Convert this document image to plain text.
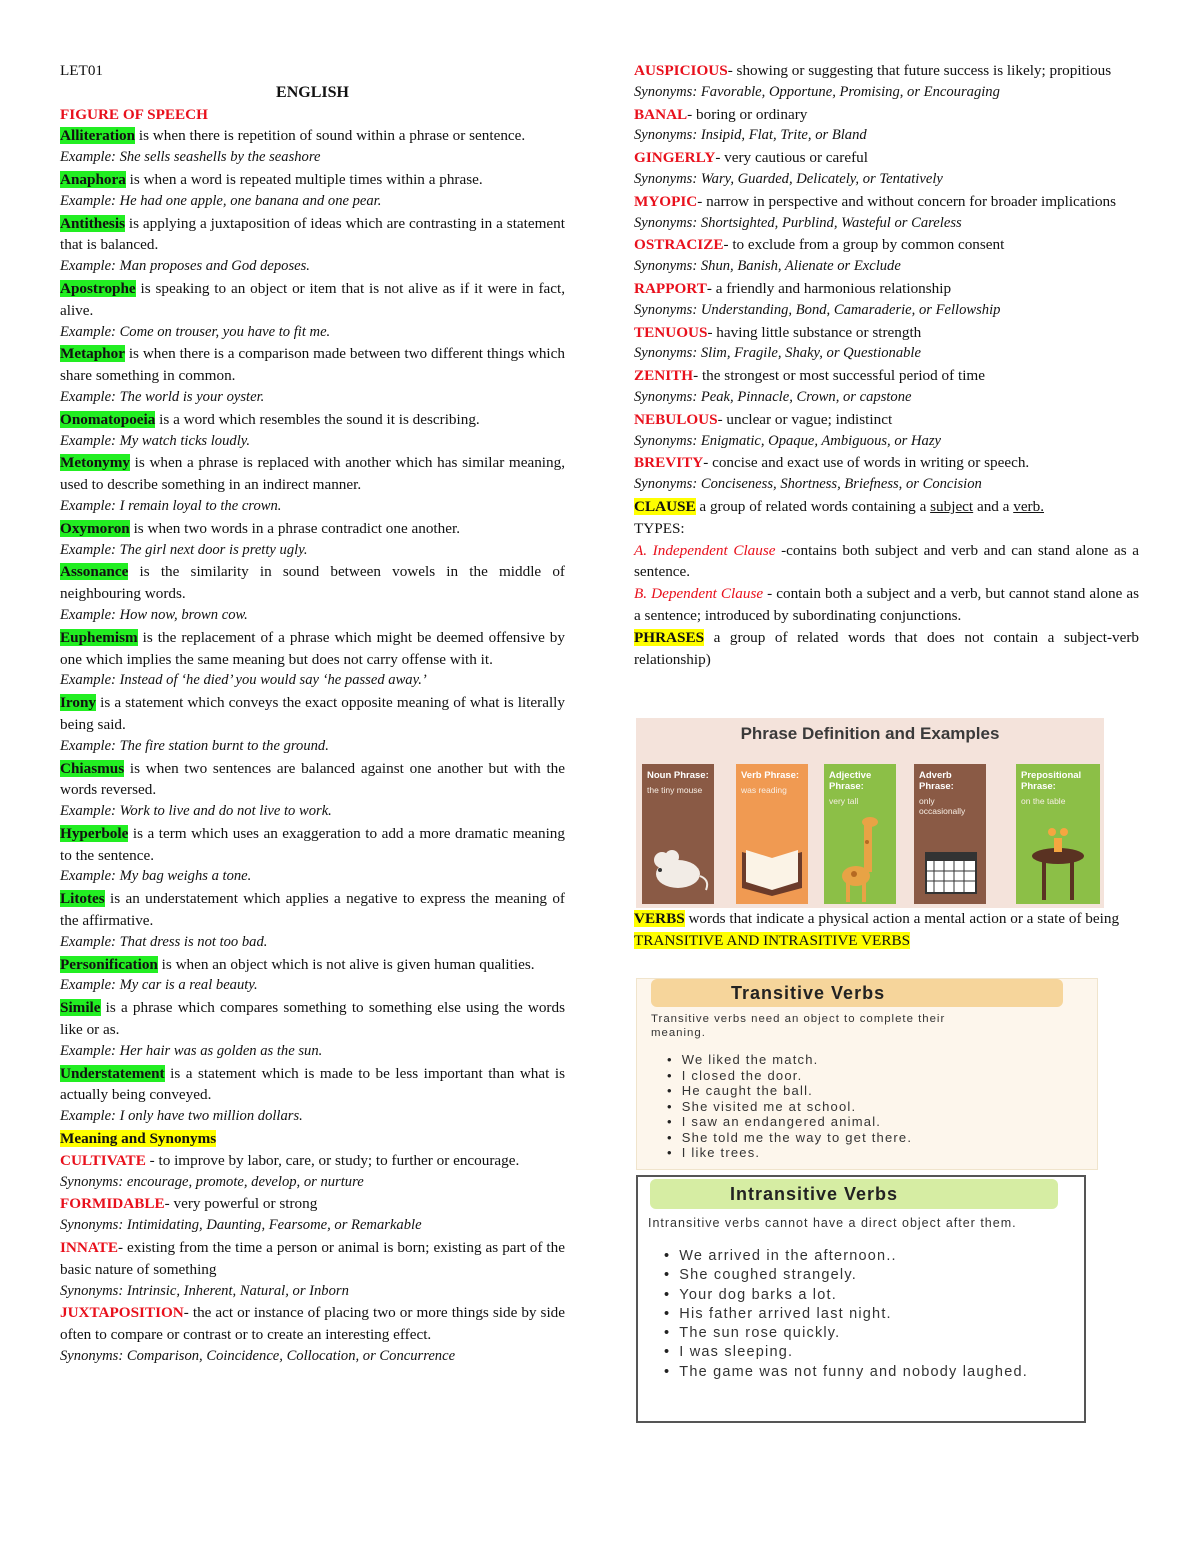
LET01
ENGLISH
FIGURE OF SPEECH
Alliteration is when there is repetition of sound within a phrase or sentence.
Example: She sells seashells by the seashore
Anaphora is when a word is repeated multiple times within a phrase.
Example: He had one apple, one banana and one pear.
Antithesis is applying a juxtaposition of ideas which are contrasting in a statement that is balanced.
Example: Man proposes and God deposes.
Apostrophe is speaking to an object or item that is not alive as if it were in fact, alive.
Example: Come on trouser, you have to fit me.
Metaphor is when there is a comparison made between two different things which share something in common.
Example: The world is your oyster.
Onomatopoeia is a word which resembles the sound it is describing.
Example: My watch ticks loudly.
Metonymy is when a phrase is replaced with another which has similar meaning, used to describe something in an indirect manner.
Example: I remain loyal to the crown.
Oxymoron is when two words in a phrase contradict one another.
Example: The girl next door is pretty ugly.
Assonance is the similarity in sound between vowels in the middle of neighbouring words.
Example: How now, brown cow.
Euphemism is the replacement of a phrase which might be deemed offensive by one which implies the same meaning but does not carry offense with it.
Example: Instead of ‘he died’ you would say ‘he passed away.’
Irony is a statement which conveys the exact opposite meaning of what is literally being said.
Example: The fire station burnt to the ground.
Chiasmus is when two sentences are balanced against one another but with the words reversed.
Example: Work to live and do not live to work.
Hyperbole is a term which uses an exaggeration to add a more dramatic meaning to the sentence.
Example: My bag weighs a tone.
Litotes is an understatement which applies a negative to express the meaning of the affirmative.
Example: That dress is not too bad.
Personification is when an object which is not alive is given human qualities.
Example: My car is a real beauty.
Simile is a phrase which compares something to something else using the words like or as.
Example: Her hair was as golden as the sun.
Understatement is a statement which is made to be less important than what is actually being conveyed.
Example: I only have two million dollars.
Meaning and Synonyms
CULTIVATE - to improve by labor, care, or study; to further or encourage.
Synonyms: encourage, promote, develop, or nurture
FORMIDABLE- very powerful or strong
Synonyms: Intimidating, Daunting, Fearsome, or Remarkable
INNATE- existing from the time a person or animal is born; existing as part of the basic nature of something
Synonyms: Intrinsic, Inherent, Natural, or Inborn
JUXTAPOSITION- the act or instance of placing two or more things side by side often to compare or contrast or to create an interesting effect.
Synonyms: Comparison, Coincidence, Collocation, or Concurrence
AUSPICIOUS- showing or suggesting that future success is likely; propitious
Synonyms: Favorable, Opportune, Promising, or Encouraging
BANAL- boring or ordinary
Synonyms: Insipid, Flat, Trite, or Bland
GINGERLY- very cautious or careful
Synonyms: Wary, Guarded, Delicately, or Tentatively
MYOPIC- narrow in perspective and without concern for broader implications
Synonyms: Shortsighted, Purblind, Wasteful or Careless
OSTRACIZE- to exclude from a group by common consent
Synonyms: Shun, Banish, Alienate or Exclude
RAPPORT- a friendly and harmonious relationship
Synonyms: Understanding, Bond, Camaraderie, or Fellowship
TENUOUS- having little substance or strength
Synonyms: Slim, Fragile, Shaky, or Questionable
ZENITH- the strongest or most successful period of time
Synonyms: Peak, Pinnacle, Crown, or capstone
NEBULOUS- unclear or vague; indistinct
Synonyms: Enigmatic, Opaque, Ambiguous, or Hazy
BREVITY- concise and exact use of words in writing or speech.
Synonyms: Conciseness, Shortness, Briefness, or Concision
CLAUSE a group of related words containing a subject and a verb.
TYPES:
A. Independent Clause -contains both subject and verb and can stand alone as a sentence.
B. Dependent Clause - contain both a subject and a verb, but cannot stand alone as a sentence; introduced by subordinating conjunctions.
PHRASES a group of related words that does not contain a subject-verb relationship)
Phrase Definition and Examples
Noun Phrase:
the tiny mouse
Verb Phrase:
was reading
Adjective Phrase:
very tall
Adverb Phrase:
only occasionally
Prepositional Phrase:
on the table
VERBS words that indicate a physical action a mental action or a state of being
TRANSITIVE AND INTRASITIVE VERBS
Transitive Verbs
Transitive verbs need an object to complete their meaning.
• We liked the match.
• I closed the door.
• He caught the ball.
• She visited me at school.
• I saw an endangered animal.
• She told me the way to get there.
• I like trees.
Intransitive Verbs
Intransitive verbs cannot have a direct object after them.
• We arrived in the afternoon..
• She coughed strangely.
• Your dog barks a lot.
• His father arrived last night.
• The sun rose quickly.
• I was sleeping.
• The game was not funny and nobody laughed.
